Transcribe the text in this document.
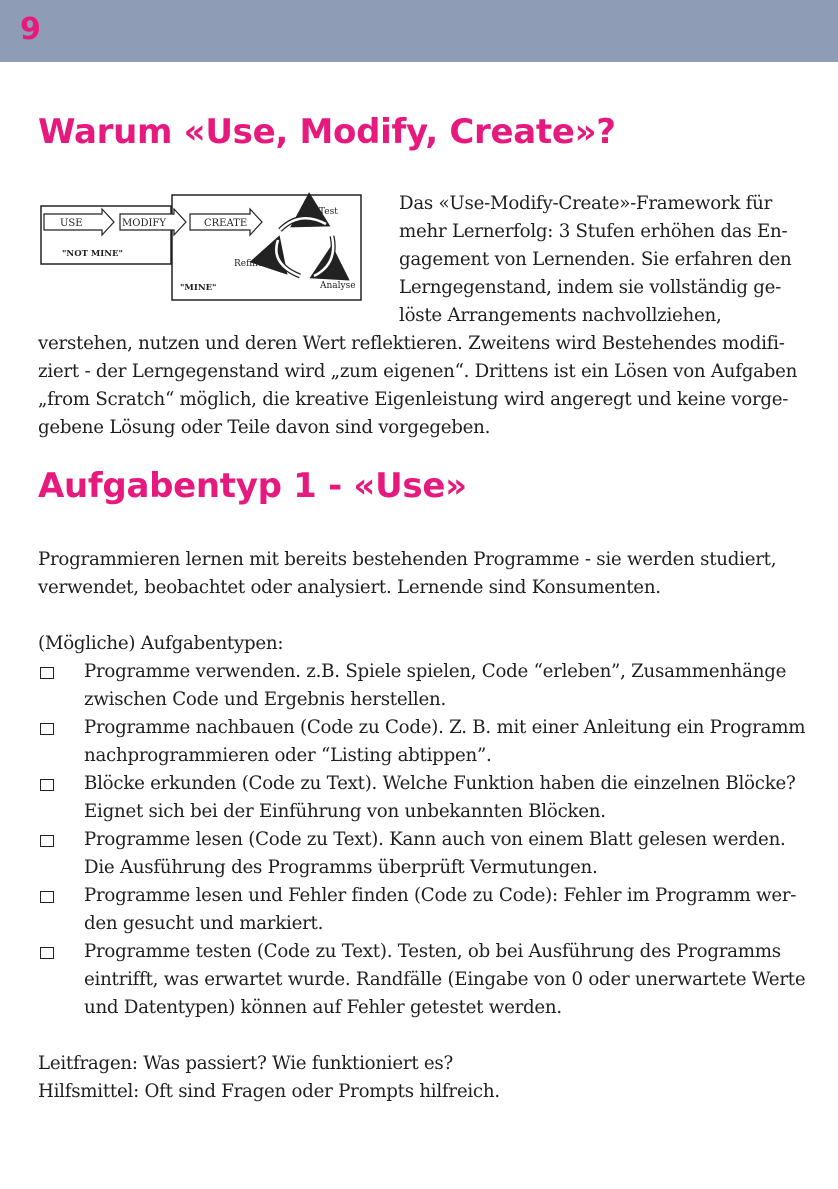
9
Warum «Use, Modify, Create»?
USE	MODIFY	CREATE
"NOT MINE"
"MINE"
Test
Refine
Analyse
Das «Use-Modify-Create»-Framework für
mehr Lernerfolg: 3 Stufen erhöhen das En-
gagement von Lernenden. Sie erfahren den
Lerngegenstand, indem sie vollständig ge-
löste Arrangements nachvollziehen,
verstehen, nutzen und deren Wert reflektieren. Zweitens wird Bestehendes modifi-
ziert - der Lerngegenstand wird „zum eigenen“. Drittens ist ein Lösen von Aufgaben
„from Scratch“ möglich, die kreative Eigenleistung wird angeregt und keine vorge-
gebene Lösung oder Teile davon sind vorgegeben.
Aufgabentyp 1 - «Use»
Programmieren lernen mit bereits bestehenden Programme - sie werden studiert,
verwendet, beobachtet oder analysiert. Lernende sind Konsumenten.
(Mögliche) Aufgabentypen:
Programme verwenden. z.B. Spiele spielen, Code “erleben”, Zusammenhänge
zwischen Code und Ergebnis herstellen.
Programme nachbauen (Code zu Code). Z. B. mit einer Anleitung ein Programm
nachprogrammieren oder “Listing abtippen”.
Blöcke erkunden (Code zu Text). Welche Funktion haben die einzelnen Blöcke?
Eignet sich bei der Einführung von unbekannten Blöcken.
Programme lesen (Code zu Text). Kann auch von einem Blatt gelesen werden.
Die Ausführung des Programms überprüft Vermutungen.
Programme lesen und Fehler finden (Code zu Code): Fehler im Programm wer-
den gesucht und markiert.
Programme testen (Code zu Text). Testen, ob bei Ausführung des Programms
eintrifft, was erwartet wurde. Randfälle (Eingabe von 0 oder unerwartete Werte
und Datentypen) können auf Fehler getestet werden.
Leitfragen: Was passiert? Wie funktioniert es?
Hilfsmittel: Oft sind Fragen oder Prompts hilfreich.
